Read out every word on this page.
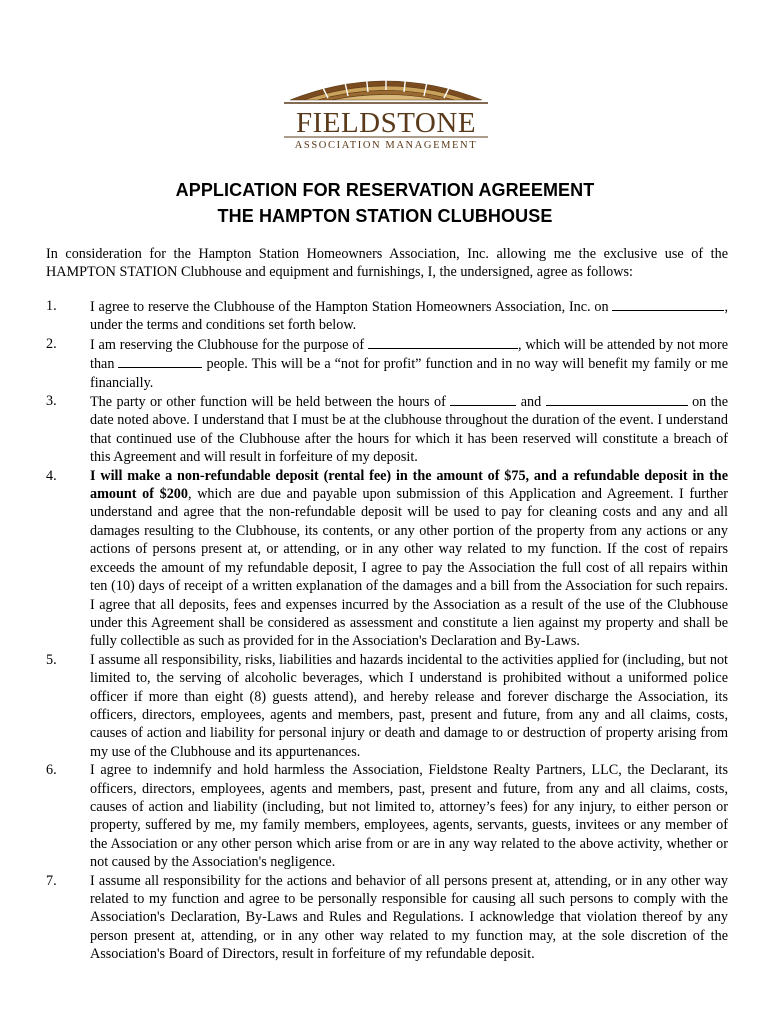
FIELDSTONE
ASSOCIATION MANAGEMENT
APPLICATION FOR RESERVATION AGREEMENT
THE HAMPTON STATION CLUBHOUSE
In consideration for the Hampton Station Homeowners Association, Inc. allowing me the exclusive use of the HAMPTON STATION Clubhouse and equipment and furnishings, I, the undersigned, agree as follows:
1.	I agree to reserve the Clubhouse of the Hampton Station Homeowners Association, Inc. on	, under the terms and conditions set forth below.
2.	I am reserving the Clubhouse for the purpose of	, which will be attended by not more than	people. This will be a “not for profit” function and in no way will benefit my family or me financially.
3.	The party or other function will be held between the hours of	and	on the date noted above. I understand that I must be at the clubhouse throughout the duration of the event. I understand that continued use of the Clubhouse after the hours for which it has been reserved will constitute a breach of this Agreement and will result in forfeiture of my deposit.
4.	I will make a non-refundable deposit (rental fee) in the amount of $75, and a refundable deposit in the amount of $200, which are due and payable upon submission of this Application and Agreement. I further understand and agree that the non-refundable deposit will be used to pay for cleaning costs and any and all damages resulting to the Clubhouse, its contents, or any other portion of the property from any actions or any actions of persons present at, or attending, or in any other way related to my function. If the cost of repairs exceeds the amount of my refundable deposit, I agree to pay the Association the full cost of all repairs within ten (10) days of receipt of a written explanation of the damages and a bill from the Association for such repairs. I agree that all deposits, fees and expenses incurred by the Association as a result of the use of the Clubhouse under this Agreement shall be considered as assessment and constitute a lien against my property and shall be fully collectible as such as provided for in the Association's Declaration and By-Laws.
5.	I assume all responsibility, risks, liabilities and hazards incidental to the activities applied for (including, but not limited to, the serving of alcoholic beverages, which I understand is prohibited without a uniformed police officer if more than eight (8) guests attend), and hereby release and forever discharge the Association, its officers, directors, employees, agents and members, past, present and future, from any and all claims, costs, causes of action and liability for personal injury or death and damage to or destruction of property arising from my use of the Clubhouse and its appurtenances.
6.	I agree to indemnify and hold harmless the Association, Fieldstone Realty Partners, LLC, the Declarant, its officers, directors, employees, agents and members, past, present and future, from any and all claims, costs, causes of action and liability (including, but not limited to, attorney’s fees) for any injury, to either person or property, suffered by me, my family members, employees, agents, servants, guests, invitees or any member of the Association or any other person which arise from or are in any way related to the above activity, whether or not caused by the Association's negligence.
7.	I assume all responsibility for the actions and behavior of all persons present at, attending, or in any other way related to my function and agree to be personally responsible for causing all such persons to comply with the Association's Declaration, By-Laws and Rules and Regulations. I acknowledge that violation thereof by any person present at, attending, or in any other way related to my function may, at the sole discretion of the Association's Board of Directors, result in forfeiture of my refundable deposit.
